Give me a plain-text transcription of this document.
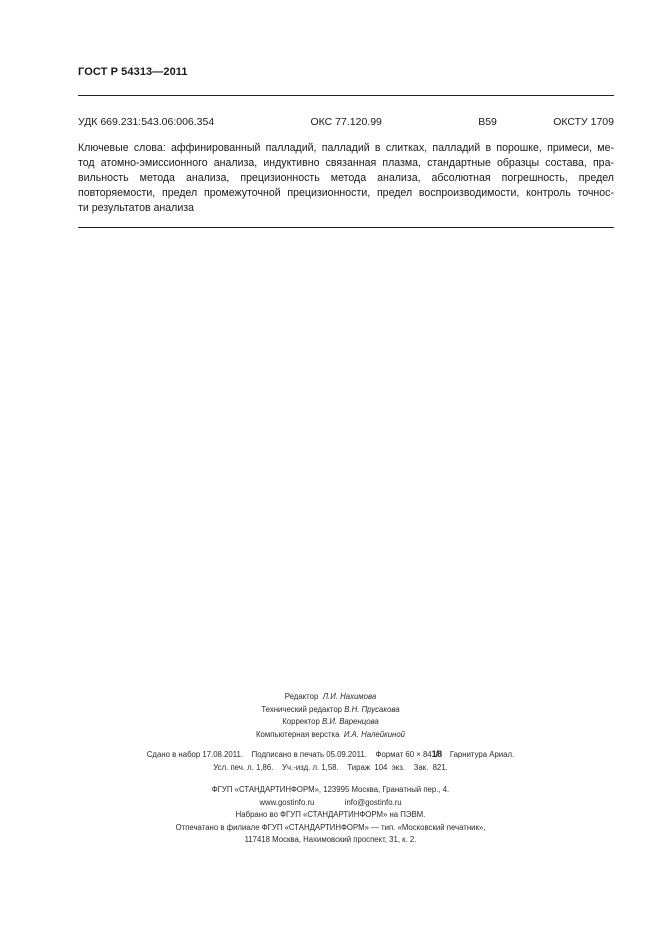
ГОСТ Р 54313—2011
УДК 669.231:543.06:006.354	ОКС 77.120.99	В59	ОКСТУ 1709
Ключевые слова: аффинированный палладий, палладий в слитках, палладий в порошке, примеси, ме-
тод атомно-эмиссионного анализа, индуктивно связанная плазма, стандартные образцы состава, пра-
вильность метода анализа, прецизионность метода анализа, абсолютная погрешность, предел
повторяемости, предел промежуточной прецизионности, предел воспроизводимости, контроль точнос-
ти результатов анализа
Редактор Л.И. Нахимова
Технический редактор В.Н. Прусакова
Корректор В.И. Варенцова
Компьютерная верстка И.А. Налейкиной
Сдано в набор 17.08.2011. Подписано в печать 05.09.2011. Формат 60 × 841/8 Гарнитура Ариал.
Усл. печ. л. 1,86. Уч.-изд. л. 1,58. Тираж  104  экз. Зак.  821.
ФГУП «СТАНДАРТИНФОРМ», 123995 Москва, Гранатный пер., 4.
www.gostinfo.ru	info@gostinfo.ru
Набрано во ФГУП «СТАНДАРТИНФОРМ» на ПЭВМ.
Отпечатано в филиале ФГУП «СТАНДАРТИНФОРМ» — тип. «Московский печатник»,
117418 Москва, Нахимовский проспект, 31, к. 2.
